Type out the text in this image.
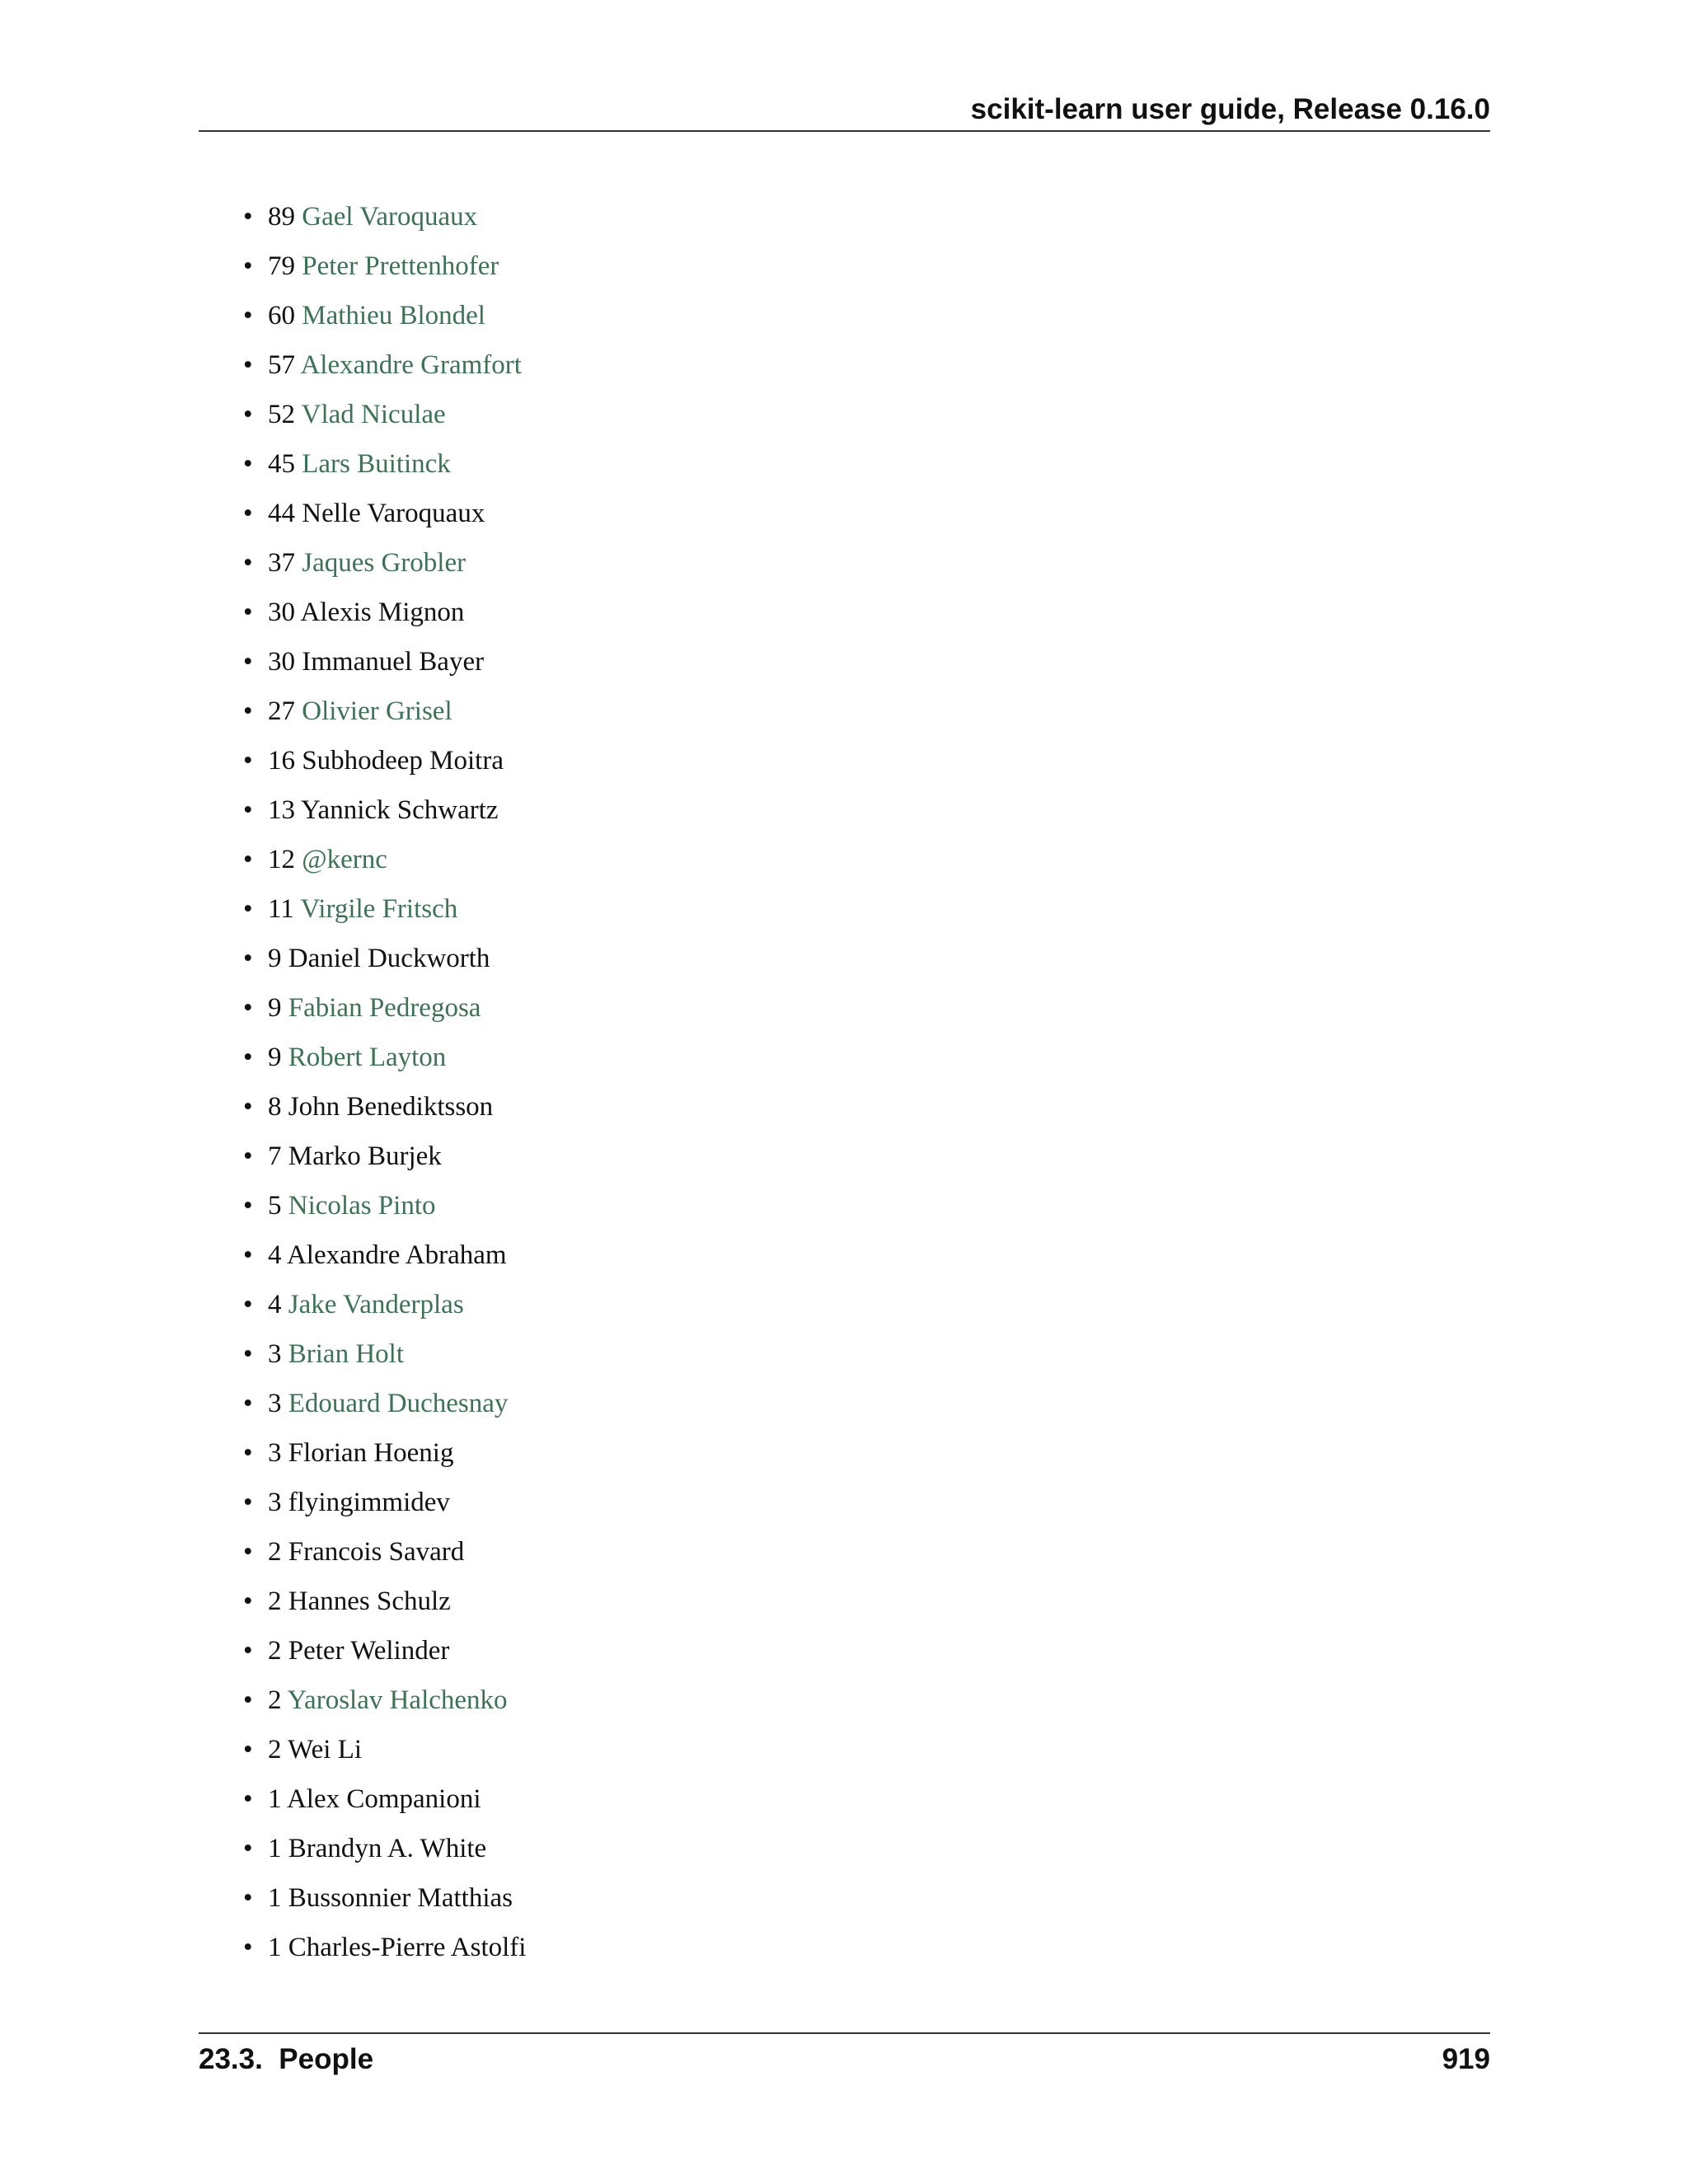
scikit-learn user guide, Release 0.16.0
• 89 Gael Varoquaux
• 79 Peter Prettenhofer
• 60 Mathieu Blondel
• 57 Alexandre Gramfort
• 52 Vlad Niculae
• 45 Lars Buitinck
• 44 Nelle Varoquaux
• 37 Jaques Grobler
• 30 Alexis Mignon
• 30 Immanuel Bayer
• 27 Olivier Grisel
• 16 Subhodeep Moitra
• 13 Yannick Schwartz
• 12 @kernc
• 11 Virgile Fritsch
• 9 Daniel Duckworth
• 9 Fabian Pedregosa
• 9 Robert Layton
• 8 John Benediktsson
• 7 Marko Burjek
• 5 Nicolas Pinto
• 4 Alexandre Abraham
• 4 Jake Vanderplas
• 3 Brian Holt
• 3 Edouard Duchesnay
• 3 Florian Hoenig
• 3 flyingimmidev
• 2 Francois Savard
• 2 Hannes Schulz
• 2 Peter Welinder
• 2 Yaroslav Halchenko
• 2 Wei Li
• 1 Alex Companioni
• 1 Brandyn A. White
• 1 Bussonnier Matthias
• 1 Charles-Pierre Astolfi
23.3.  People	919
